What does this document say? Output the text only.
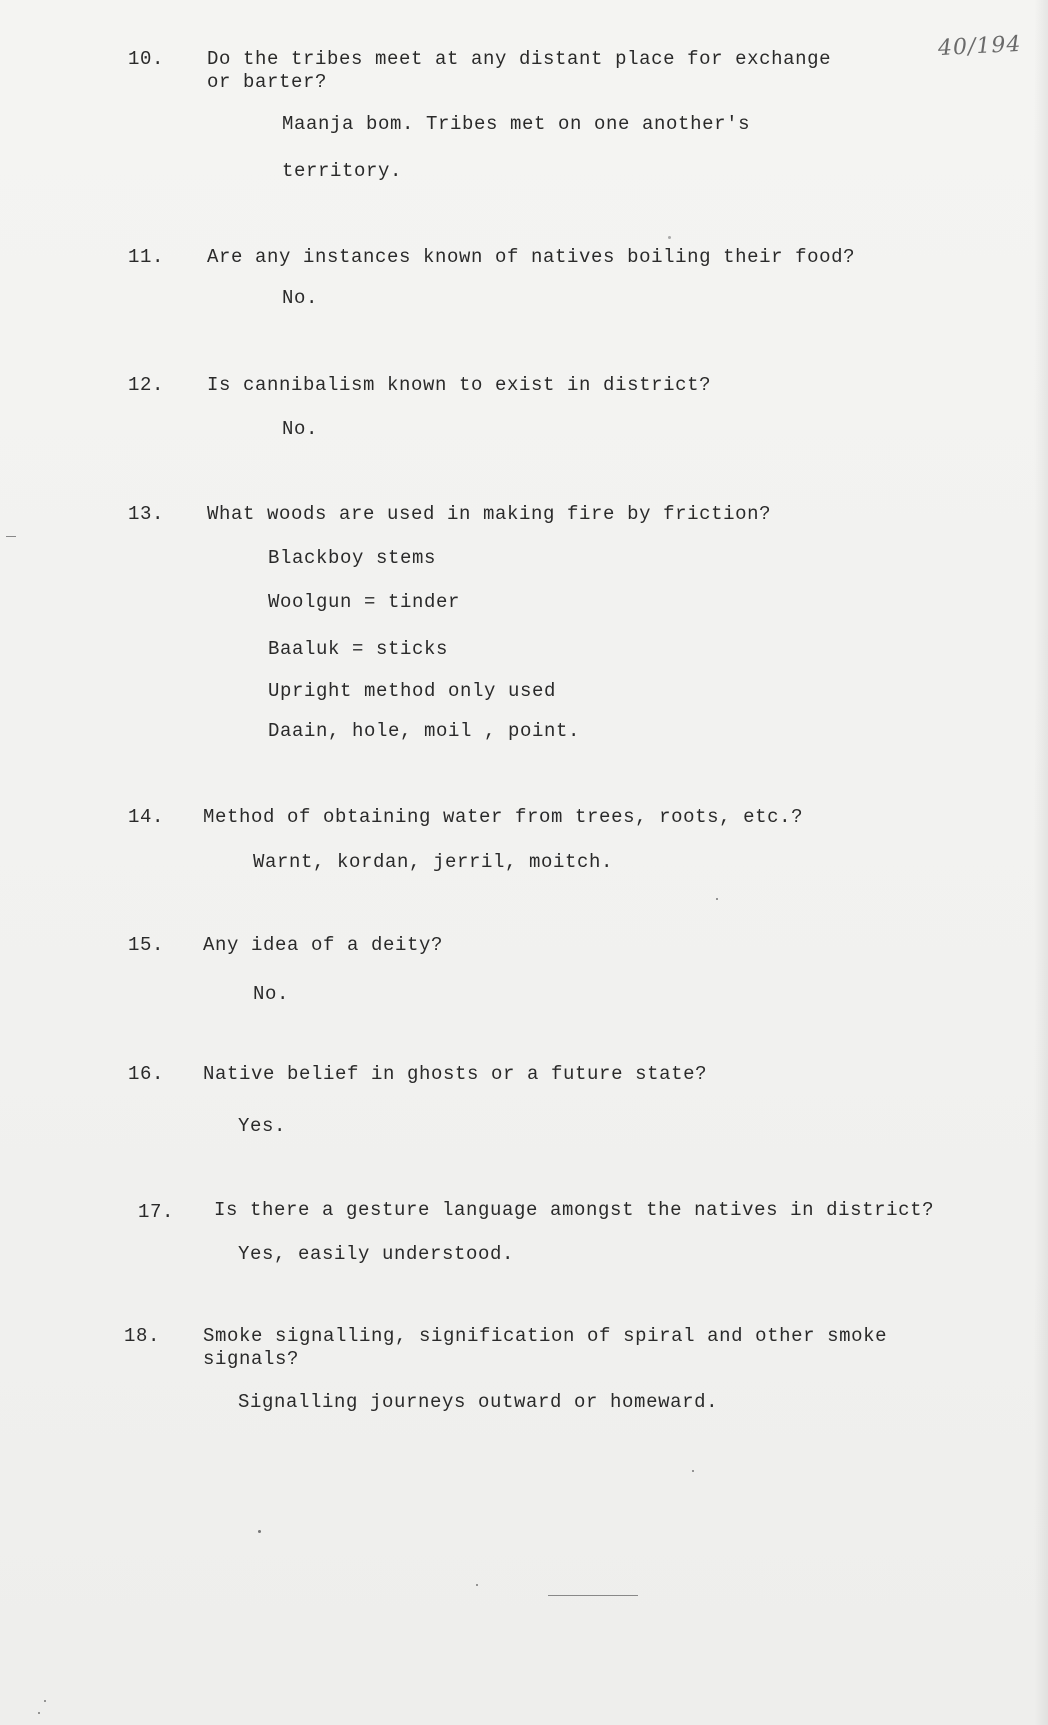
40/194
10. Do the tribes meet at any distant place for exchange
or barter?
Maanja bom. Tribes met on one another's
territory.
11. Are any instances known of natives boiling their food?
No.
12. Is cannibalism known to exist in district?
No.
13. What woods are used in making fire by friction?
Blackboy stems
Woolgun = tinder
Baaluk = sticks
Upright method only used
Daain, hole, moil , point.
14. Method of obtaining water from trees, roots, etc.?
Warnt, kordan, jerril, moitch.
15. Any idea of a deity?
No.
16. Native belief in ghosts or a future state?
Yes.
17. Is there a gesture language amongst the natives in district?
Yes, easily understood.
18. Smoke signalling, signification of spiral and other smoke
signals?
Signalling journeys outward or homeward.
